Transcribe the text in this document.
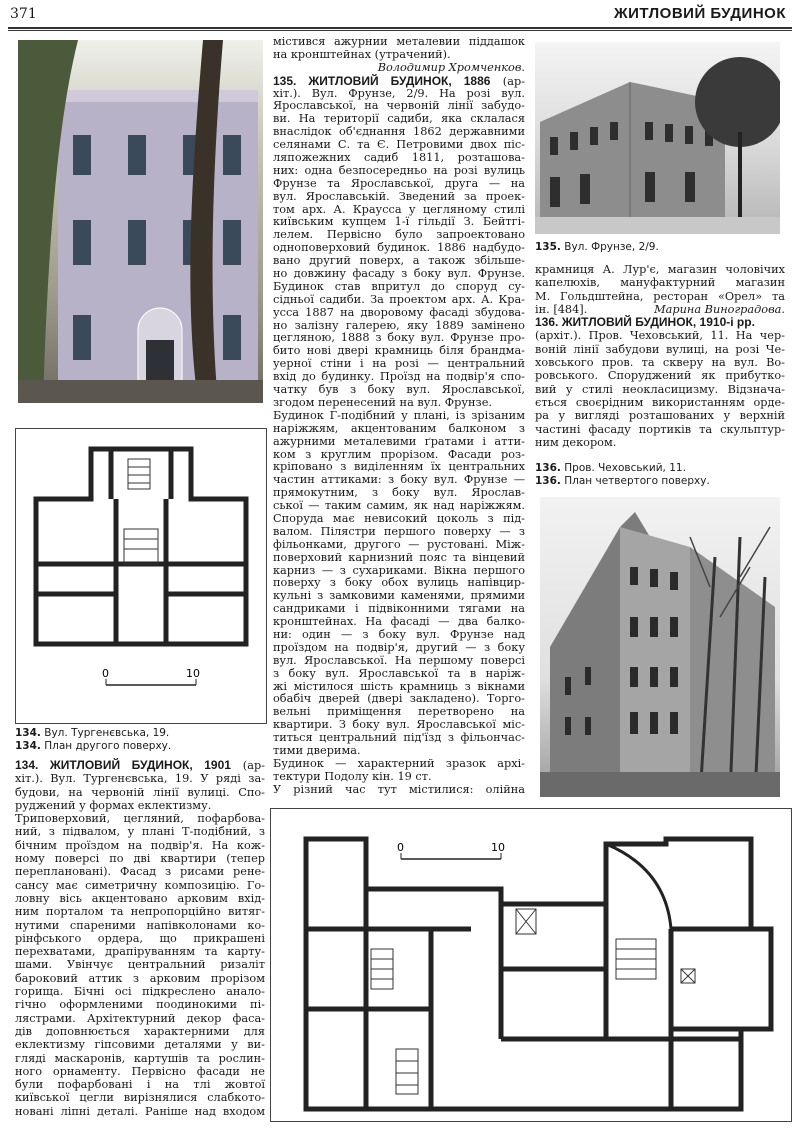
371	ЖИТЛОВИЙ БУДИНОК
0	10
134. Вул. Тургенєвська, 19.
134. План другого поверху.
134. ЖИТЛОВИЙ БУДИНОК, 1901 (ар-
хіт.). Вул. Тургенєвська, 19. У ряді за-
будови, на червоній лінії вулиці. Спо-
руджений у формах еклектизму.
Триповерховий, цегляний, пофарбова-
ний, з підвалом, у плані Т-подібний, з
бічним проїздом на подвір'я. На кож-
ному поверсі по дві квартири (тепер
переплановані). Фасад з рисами ренe-
сансу має симетричну композицію. Го-
ловну вісь акцентовано арковим вхід-
ним порталом та непропорційно витяг-
нутими спареними напівколонами ко-
рінфського ордера, що прикрашені
перехватами, драпіруванням та карту-
шами. Увінчує центральний ризаліт
бароковий аттик з арковим прорізом
горища. Бічні осі підкреслено анало-
гічно оформленими поодинокими пі-
лястрами. Архітектурний декор фаса-
дів доповнюється характерними для
еклектизму гіпсовими деталями у ви-
гляді маскаронів, картушів та рослин-
ного орнаменту. Первісно фасади не
були пофарбовані і на тлі жовтої
київської цегли вирізнялися слабкото-
новані ліпні деталі. Раніше над входом
містився ажурнии металевии піддашок
на кронштейнах (утрачений).
Володимир Хромченков.
135. ЖИТЛОВИЙ БУДИНОК, 1886 (ар-
хіт.). Вул. Фрунзе, 2/9. На розі вул.
Ярославської, на червоній лінії забудо-
ви. На території садиби, яка склалася
внаслідок об'єднання 1862 державними
селянами С. та Є. Петровими двох піс-
ляпожежних садиб 1811, розташова-
них: одна безпосередньо на розі вулиць
Фрунзе та Ярославської, друга — на
вул. Ярославській. Зведений за проек-
том арх. А. Краусса у цегляному стилі
київським купцем 1-ї гільдії З. Бейтгі-
лелем. Первісно було запроектовано
одноповерховий будинок. 1886 надбудо-
вано другий поверх, а також збільше-
но довжину фасаду з боку вул. Фрунзе.
Будинок став впритул до споруд су-
сідньої садиби. За проектом арх. А. Кра-
усса 1887 на дворовому фасаді збудова-
но залізну галерею, яку 1889 замінено
цегляною, 1888 з боку вул. Фрунзе про-
бито нові двері крамниць біля брандма-
уерної стіни і на розі — центральний
вхід до будинку. Проїзд на подвір'я спо-
чатку був з боку вул. Ярославської,
згодом перенесений на вул. Фрунзе.
Будинок Г-подібний у плані, із зрізаним
наріжжям, акцентованим балконом з
ажурними металевими ґратами і атти-
ком з круглим прорізом. Фасади роз-
кріповано з виділенням їх центральних
частин аттиками: з боку вул. Фрунзе —
прямокутним, з боку вул. Ярослав-
ської — таким самим, як над наріжжям.
Споруда має невисокий цоколь з під-
валом. Пілястри першого поверху — з
фільонками, другого — рустовані. Між-
поверховий карнизний пояс та вінцевий
карниз — з сухариками. Вікна першого
поверху з боку обох вулиць напівцир-
кульні з замковими каменями, прямими
сандриками і підвіконними тягами на
кронштейнах. На фасаді — два балко-
ни: один — з боку вул. Фрунзе над
проїздом на подвір'я, другий — з боку
вул. Ярославської. На першому поверсі
з боку вул. Ярославської та в наріж-
жі містилося шість крамниць з вікнами
обабіч дверей (двері закладено). Торго-
вельні приміщення перетворено на
квартири. З боку вул. Ярославської міс-
титься центральний під'їзд з фільончас-
тими дверима.
Будинок — характерний зразок архі-
тектури Подолу кін. 19 ст.
У різний час тут містилися: олійна
135. Вул. Фрунзе, 2/9.
крамниця А. Лур'є, магазин чоловічих
капелюхів, мануфактурний магазин
М. Гольдштейна, ресторан «Орел» та
ін. [484].	Марина Виноградова.
136. ЖИТЛОВИЙ БУДИНОК, 1910-і рр.
(архіт.). Пров. Чеховський, 11. На чер-
воній лінії забудови вулиці, на розі Че-
ховського пров. та скверу на вул. Во-
ровського. Споруджений як прибутко-
вий у стилі неокласицизму. Відзнача-
ється своєрідним використанням орде-
ра у вигляді розташованих у верхній
частині фасаду портиків та скульптур-
ним декором.
136. Пров. Чеховський, 11.
136. План четвертого поверху.
0	10
